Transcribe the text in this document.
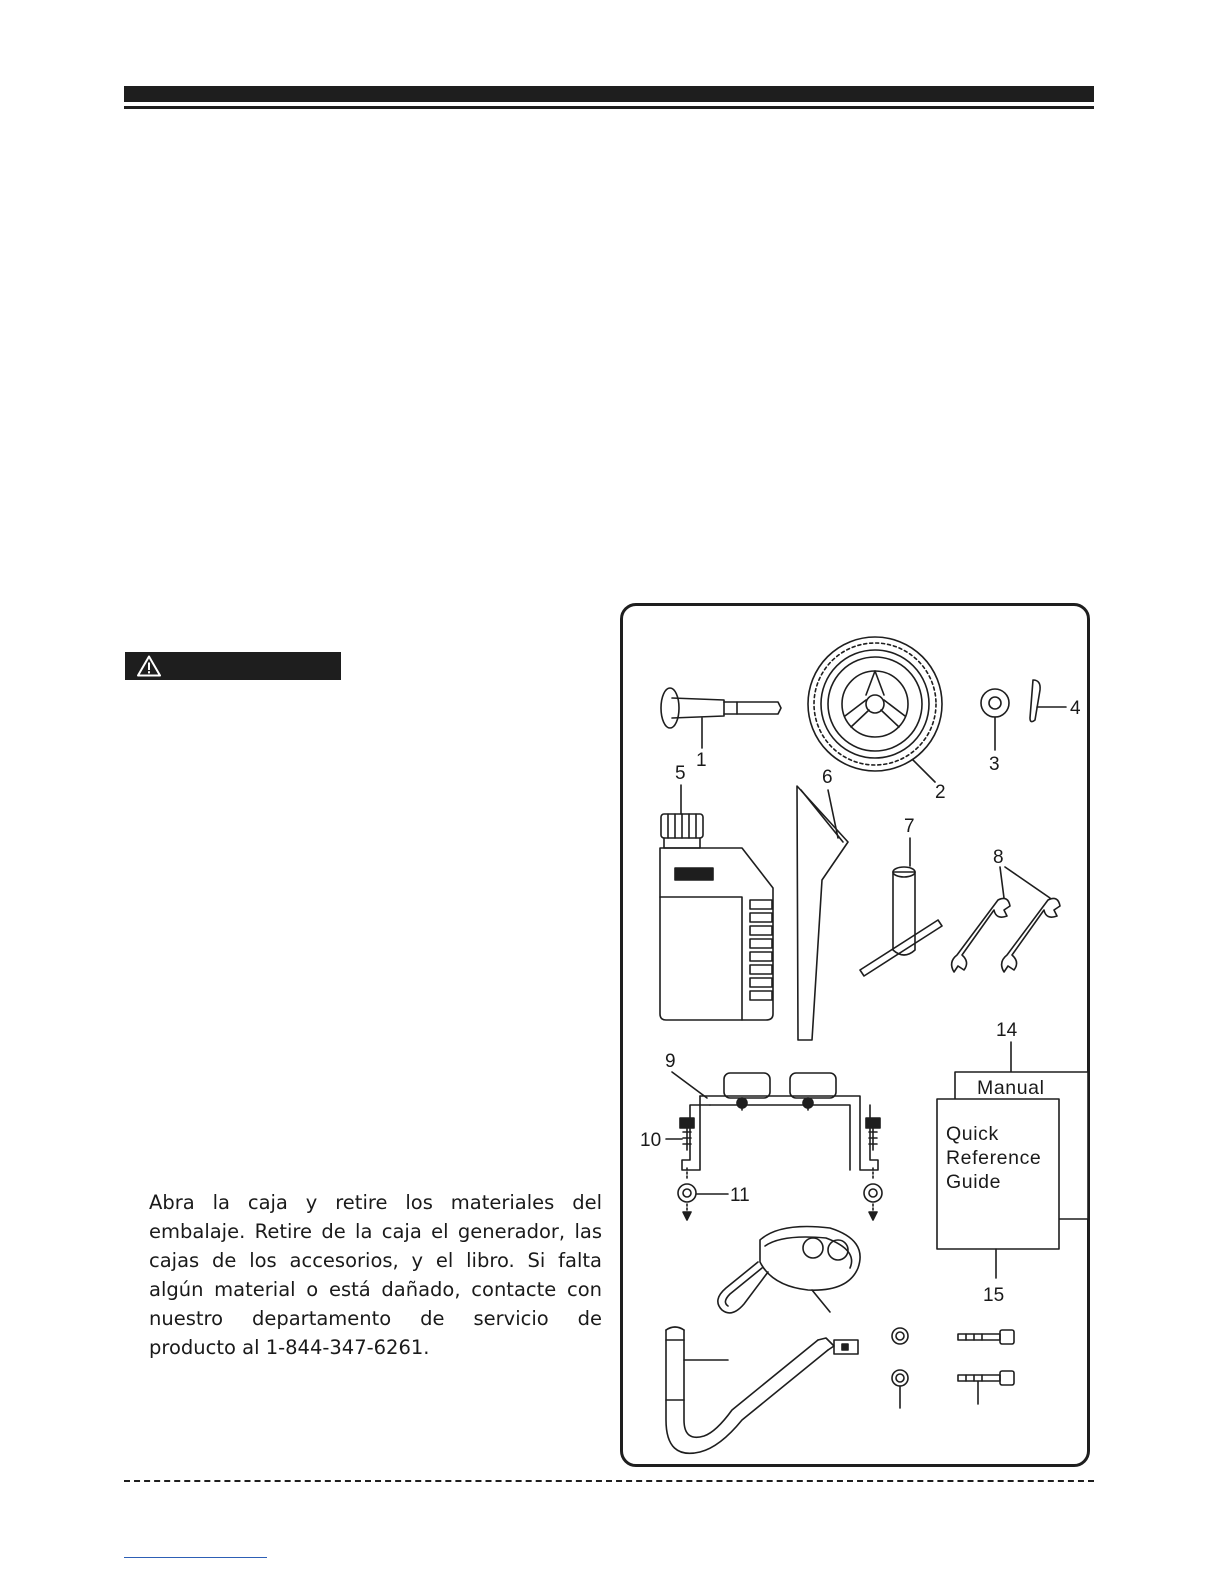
Abra la caja y retire los materiales del embalaje. Retire de la caja el generador, las cajas de los accesorios, y el libro. Si falta algún material o está dañado, contacte con nuestro departamento de servicio de producto al 1-844-347-6261.

1
2
3
4
5	6
7
8
9
10
11
14
Manual
Quick
Reference
Guide
15
